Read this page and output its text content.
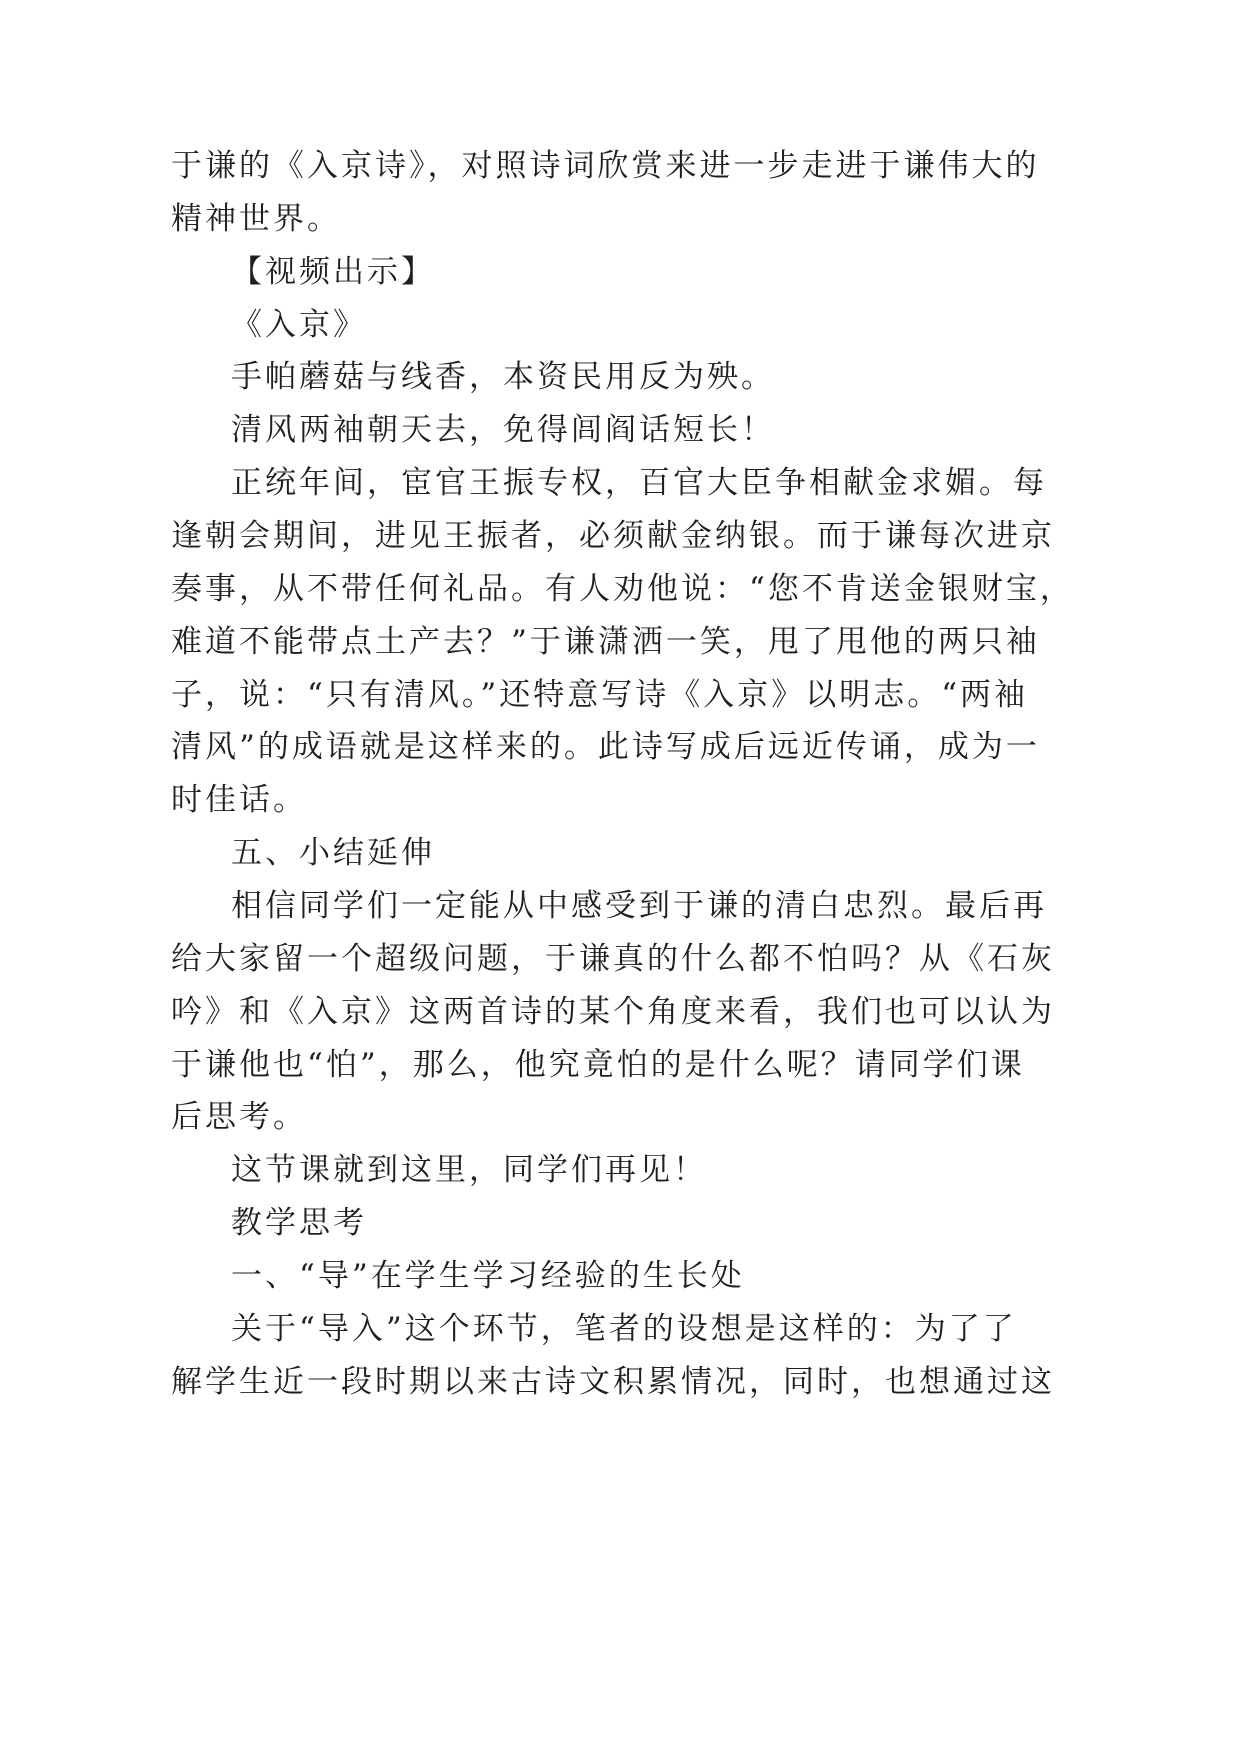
于谦的《入京诗》，对照诗词欣赏来进一步走进于谦伟大的
精神世界。
【视频出示】
《入京》
手帕蘑菇与线香，本资民用反为殃。
清风两袖朝天去，免得闾阎话短长！
正统年间，宦官王振专权，百官大臣争相献金求媚。每
逢朝会期间，进见王振者，必须献金纳银。而于谦每次进京
奏事，从不带任何礼品。有人劝他说：“您不肯送金银财宝，
难道不能带点土产去？”于谦潇洒一笑，甩了甩他的两只袖
子，说：“只有清风。”还特意写诗《入京》以明志。“两袖
清风”的成语就是这样来的。此诗写成后远近传诵，成为一
时佳话。
五、小结延伸
相信同学们一定能从中感受到于谦的清白忠烈。最后再
给大家留一个超级问题，于谦真的什么都不怕吗？从《石灰
吟》和《入京》这两首诗的某个角度来看，我们也可以认为
于谦他也“怕”，那么，他究竟怕的是什么呢？请同学们课
后思考。
这节课就到这里，同学们再见！
教学思考
一、“导”在学生学习经验的生长处
关于“导入”这个环节，笔者的设想是这样的：为了了
解学生近一段时期以来古诗文积累情况，同时，也想通过这
